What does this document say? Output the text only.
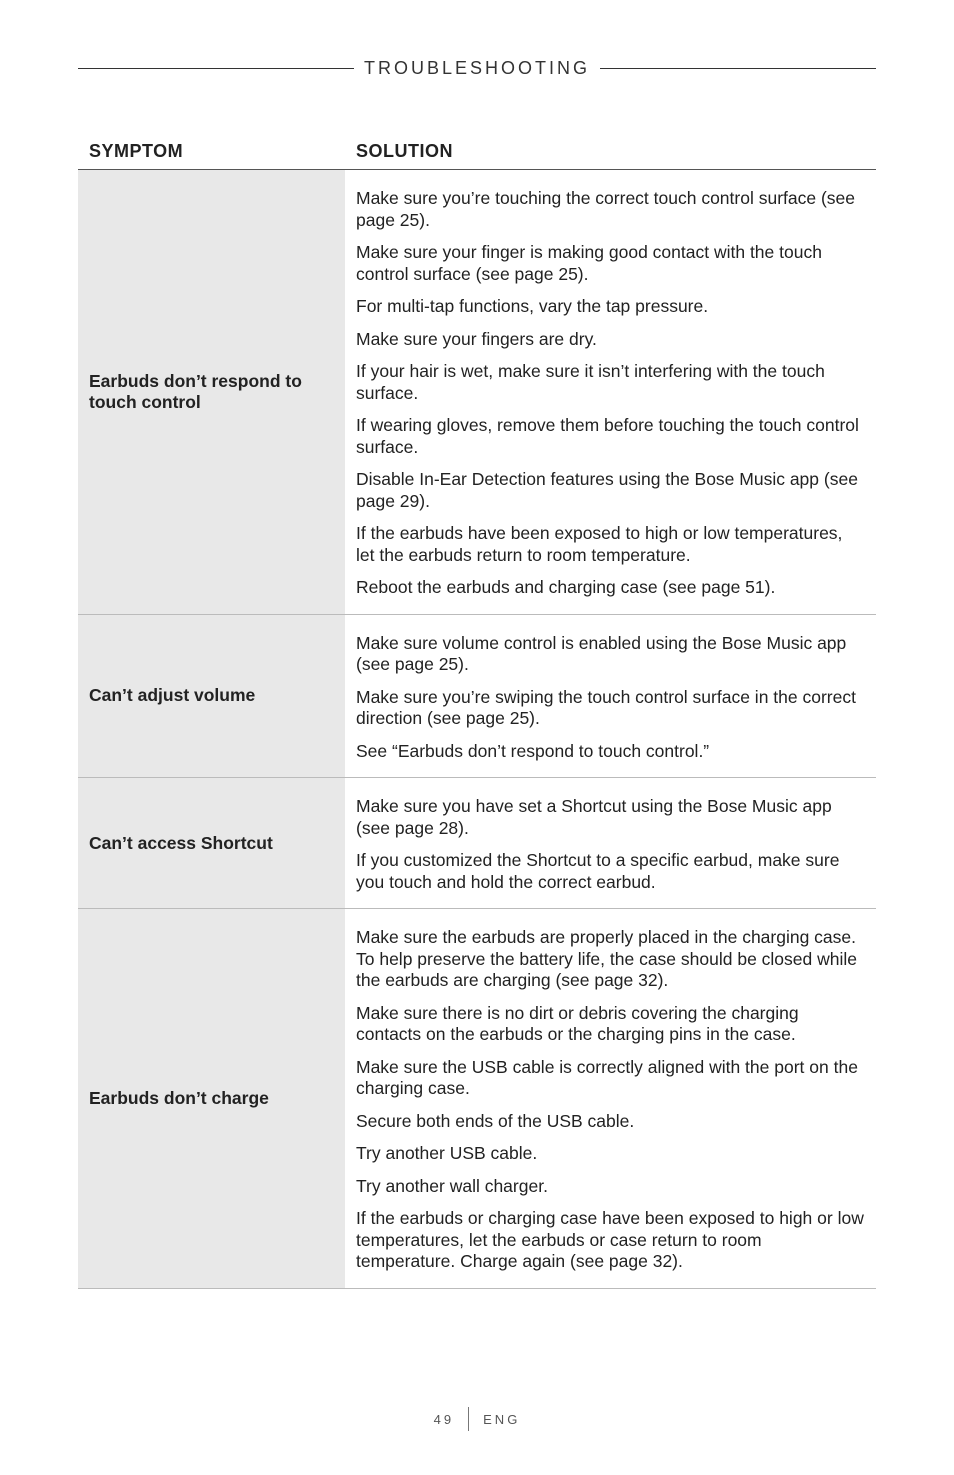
TROUBLESHOOTING
SYMPTOM	SOLUTION
Earbuds don’t respond to touch control

Make sure you’re touching the correct touch control surface (see page 25).

Make sure your finger is making good contact with the touch control surface (see page 25).

For multi-tap functions, vary the tap pressure.

Make sure your fingers are dry.

If your hair is wet, make sure it isn’t interfering with the touch surface.

If wearing gloves, remove them before touching the touch control surface.

Disable In-Ear Detection features using the Bose Music app (see page 29).

If the earbuds have been exposed to high or low temperatures, let the earbuds return to room temperature.

Reboot the earbuds and charging case (see page 51).

Can’t adjust volume

Make sure volume control is enabled using the Bose Music app (see page 25).

Make sure you’re swiping the touch control surface in the correct direction (see page 25).

See “Earbuds don’t respond to touch control.”

Can’t access Shortcut

Make sure you have set a Shortcut using the Bose Music app (see page 28).

If you customized the Shortcut to a specific earbud, make sure you touch and hold the correct earbud.

Earbuds don’t charge

Make sure the earbuds are properly placed in the charging case. To help preserve the battery life, the case should be closed while the earbuds are charging (see page 32).

Make sure there is no dirt or debris covering the charging contacts on the earbuds or the charging pins in the case.

Make sure the USB cable is correctly aligned with the port on the charging case.

Secure both ends of the USB cable.

Try another USB cable.

Try another wall charger.

If the earbuds or charging case have been exposed to high or low temperatures, let the earbuds or case return to room temperature. Charge again (see page 32).

49 ENG
